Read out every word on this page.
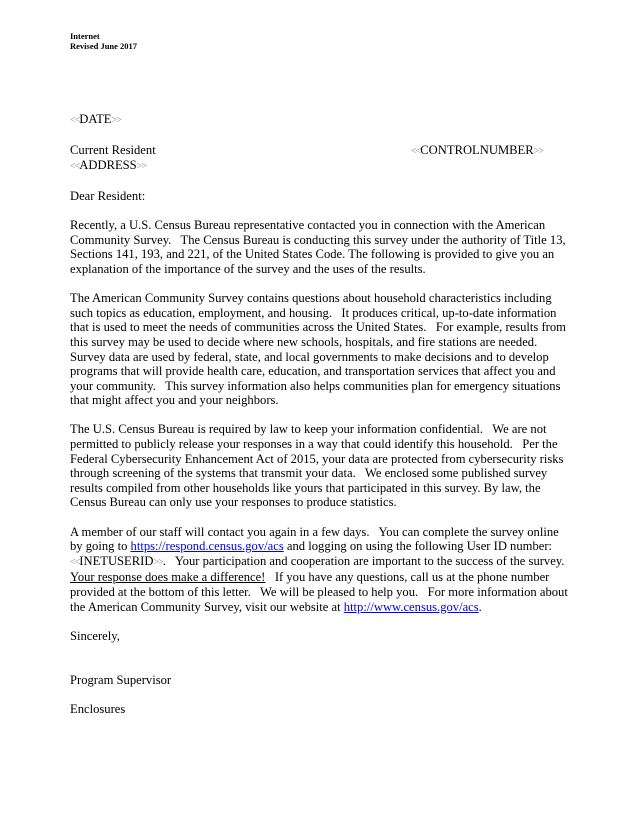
Internet
Revised June 2017

<<DATE>>

Current Resident	<<CONTROLNUMBER>>

<<ADDRESS>>

Dear Resident:

Recently, a U.S. Census Bureau representative contacted you in connection with the American Community Survey.   The Census Bureau is conducting this survey under the authority of Title 13, Sections 141, 193, and 221, of the United States Code. The following is provided to give you an explanation of the importance of the survey and the uses of the results.

The American Community Survey contains questions about household characteristics including such topics as education, employment, and housing.   It produces critical, up-to-date information that is used to meet the needs of communities across the United States.   For example, results from this survey may be used to decide where new schools, hospitals, and fire stations are needed. Survey data are used by federal, state, and local governments to make decisions and to develop programs that will provide health care, education, and transportation services that affect you and your community.   This survey information also helps communities plan for emergency situations that might affect you and your neighbors.

The U.S. Census Bureau is required by law to keep your information confidential.   We are not permitted to publicly release your responses in a way that could identify this household.   Per the Federal Cybersecurity Enhancement Act of 2015, your data are protected from cybersecurity risks through screening of the systems that transmit your data.   We enclosed some published survey results compiled from other households like yours that participated in this survey. By law, the Census Bureau can only use your responses to produce statistics.

A member of our staff will contact you again in a few days.   You can complete the survey online by going to https://respond.census.gov/acs and logging on using the following User ID number: <<INETUSERID>>.   Your participation and cooperation are important to the success of the survey.  Your response does make a difference!   If you have any questions, call us at the phone number provided at the bottom of this letter.   We will be pleased to help you.   For more information about the American Community Survey, visit our website at http://www.census.gov/acs.

Sincerely,

Program Supervisor

Enclosures
